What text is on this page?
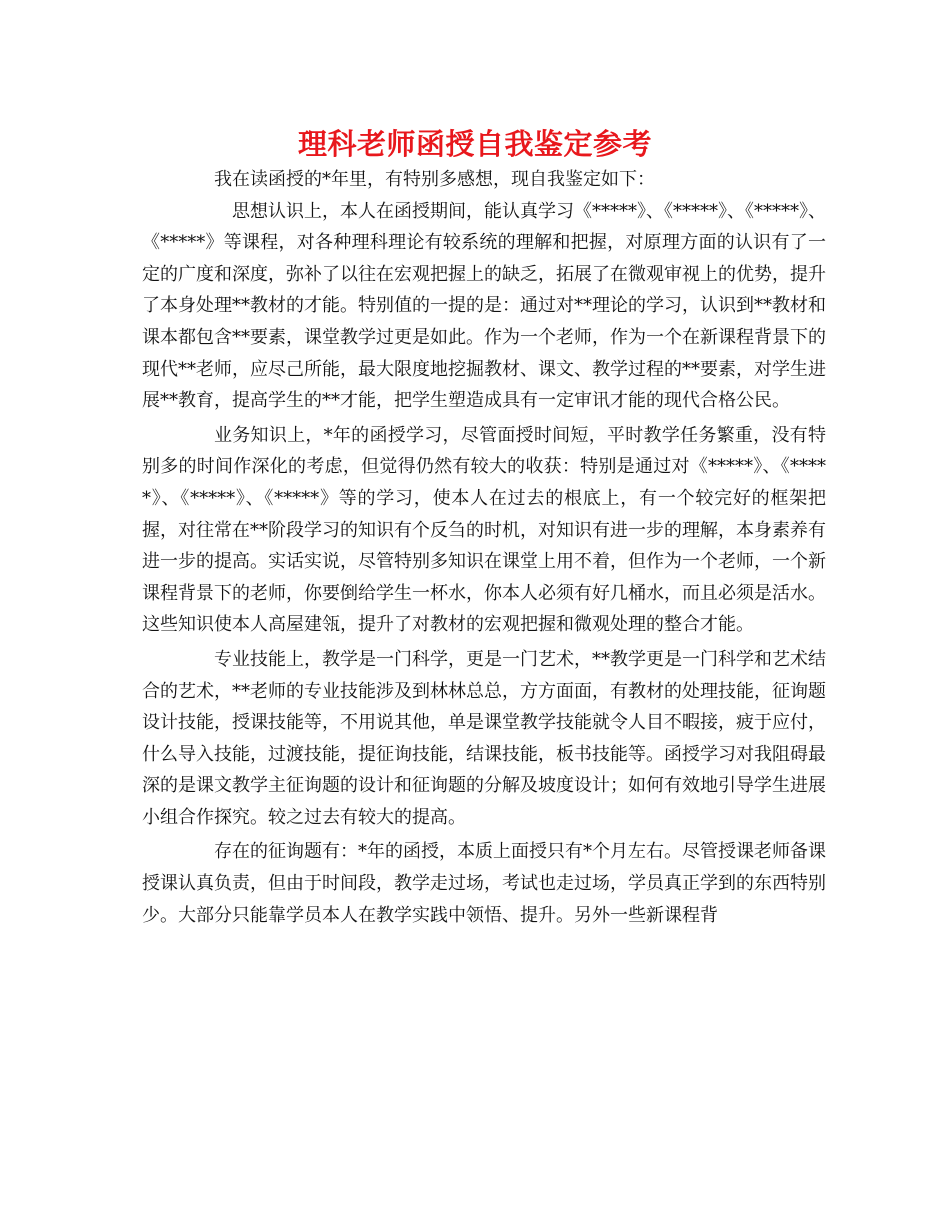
理科老师函授自我鉴定参考

我在读函授的*年里，有特别多感想，现自我鉴定如下：

思想认识上，本人在函授期间，能认真学习《*****》、《*****》、《*****》、《*****》等课程，对各种理科理论有较系统的理解和把握，对原理方面的认识有了一定的广度和深度，弥补了以往在宏观把握上的缺乏，拓展了在微观审视上的优势，提升了本身处理**教材的才能。特别值的一提的是：通过对**理论的学习，认识到**教材和课本都包含**要素，课堂教学过更是如此。作为一个老师，作为一个在新课程背景下的现代**老师，应尽己所能，最大限度地挖掘教材、课文、教学过程的**要素，对学生进展**教育，提高学生的**才能，把学生塑造成具有一定审讯才能的现代合格公民。

业务知识上，*年的函授学习，尽管面授时间短，平时教学任务繁重，没有特别多的时间作深化的考虑，但觉得仍然有较大的收获：特别是通过对《*****》、《*****》、《*****》、《*****》等的学习，使本人在过去的根底上，有一个较完好的框架把握，对往常在**阶段学习的知识有个反刍的时机，对知识有进一步的理解，本身素养有进一步的提高。实话实说，尽管特别多知识在课堂上用不着，但作为一个老师，一个新课程背景下的老师，你要倒给学生一杯水，你本人必须有好几桶水，而且必须是活水。这些知识使本人高屋建瓴，提升了对教材的宏观把握和微观处理的整合才能。

专业技能上，教学是一门科学，更是一门艺术，**教学更是一门科学和艺术结合的艺术，**老师的专业技能涉及到林林总总，方方面面，有教材的处理技能，征询题设计技能，授课技能等，不用说其他，单是课堂教学技能就令人目不暇接，疲于应付，什么导入技能，过渡技能，提征询技能，结课技能，板书技能等。函授学习对我阻碍最深的是课文教学主征询题的设计和征询题的分解及坡度设计；如何有效地引导学生进展小组合作探究。较之过去有较大的提高。

存在的征询题有：*年的函授，本质上面授只有*个月左右。尽管授课老师备课授课认真负责，但由于时间段，教学走过场，考试也走过场，学员真正学到的东西特别少。大部分只能靠学员本人在教学实践中领悟、提升。另外一些新课程背
